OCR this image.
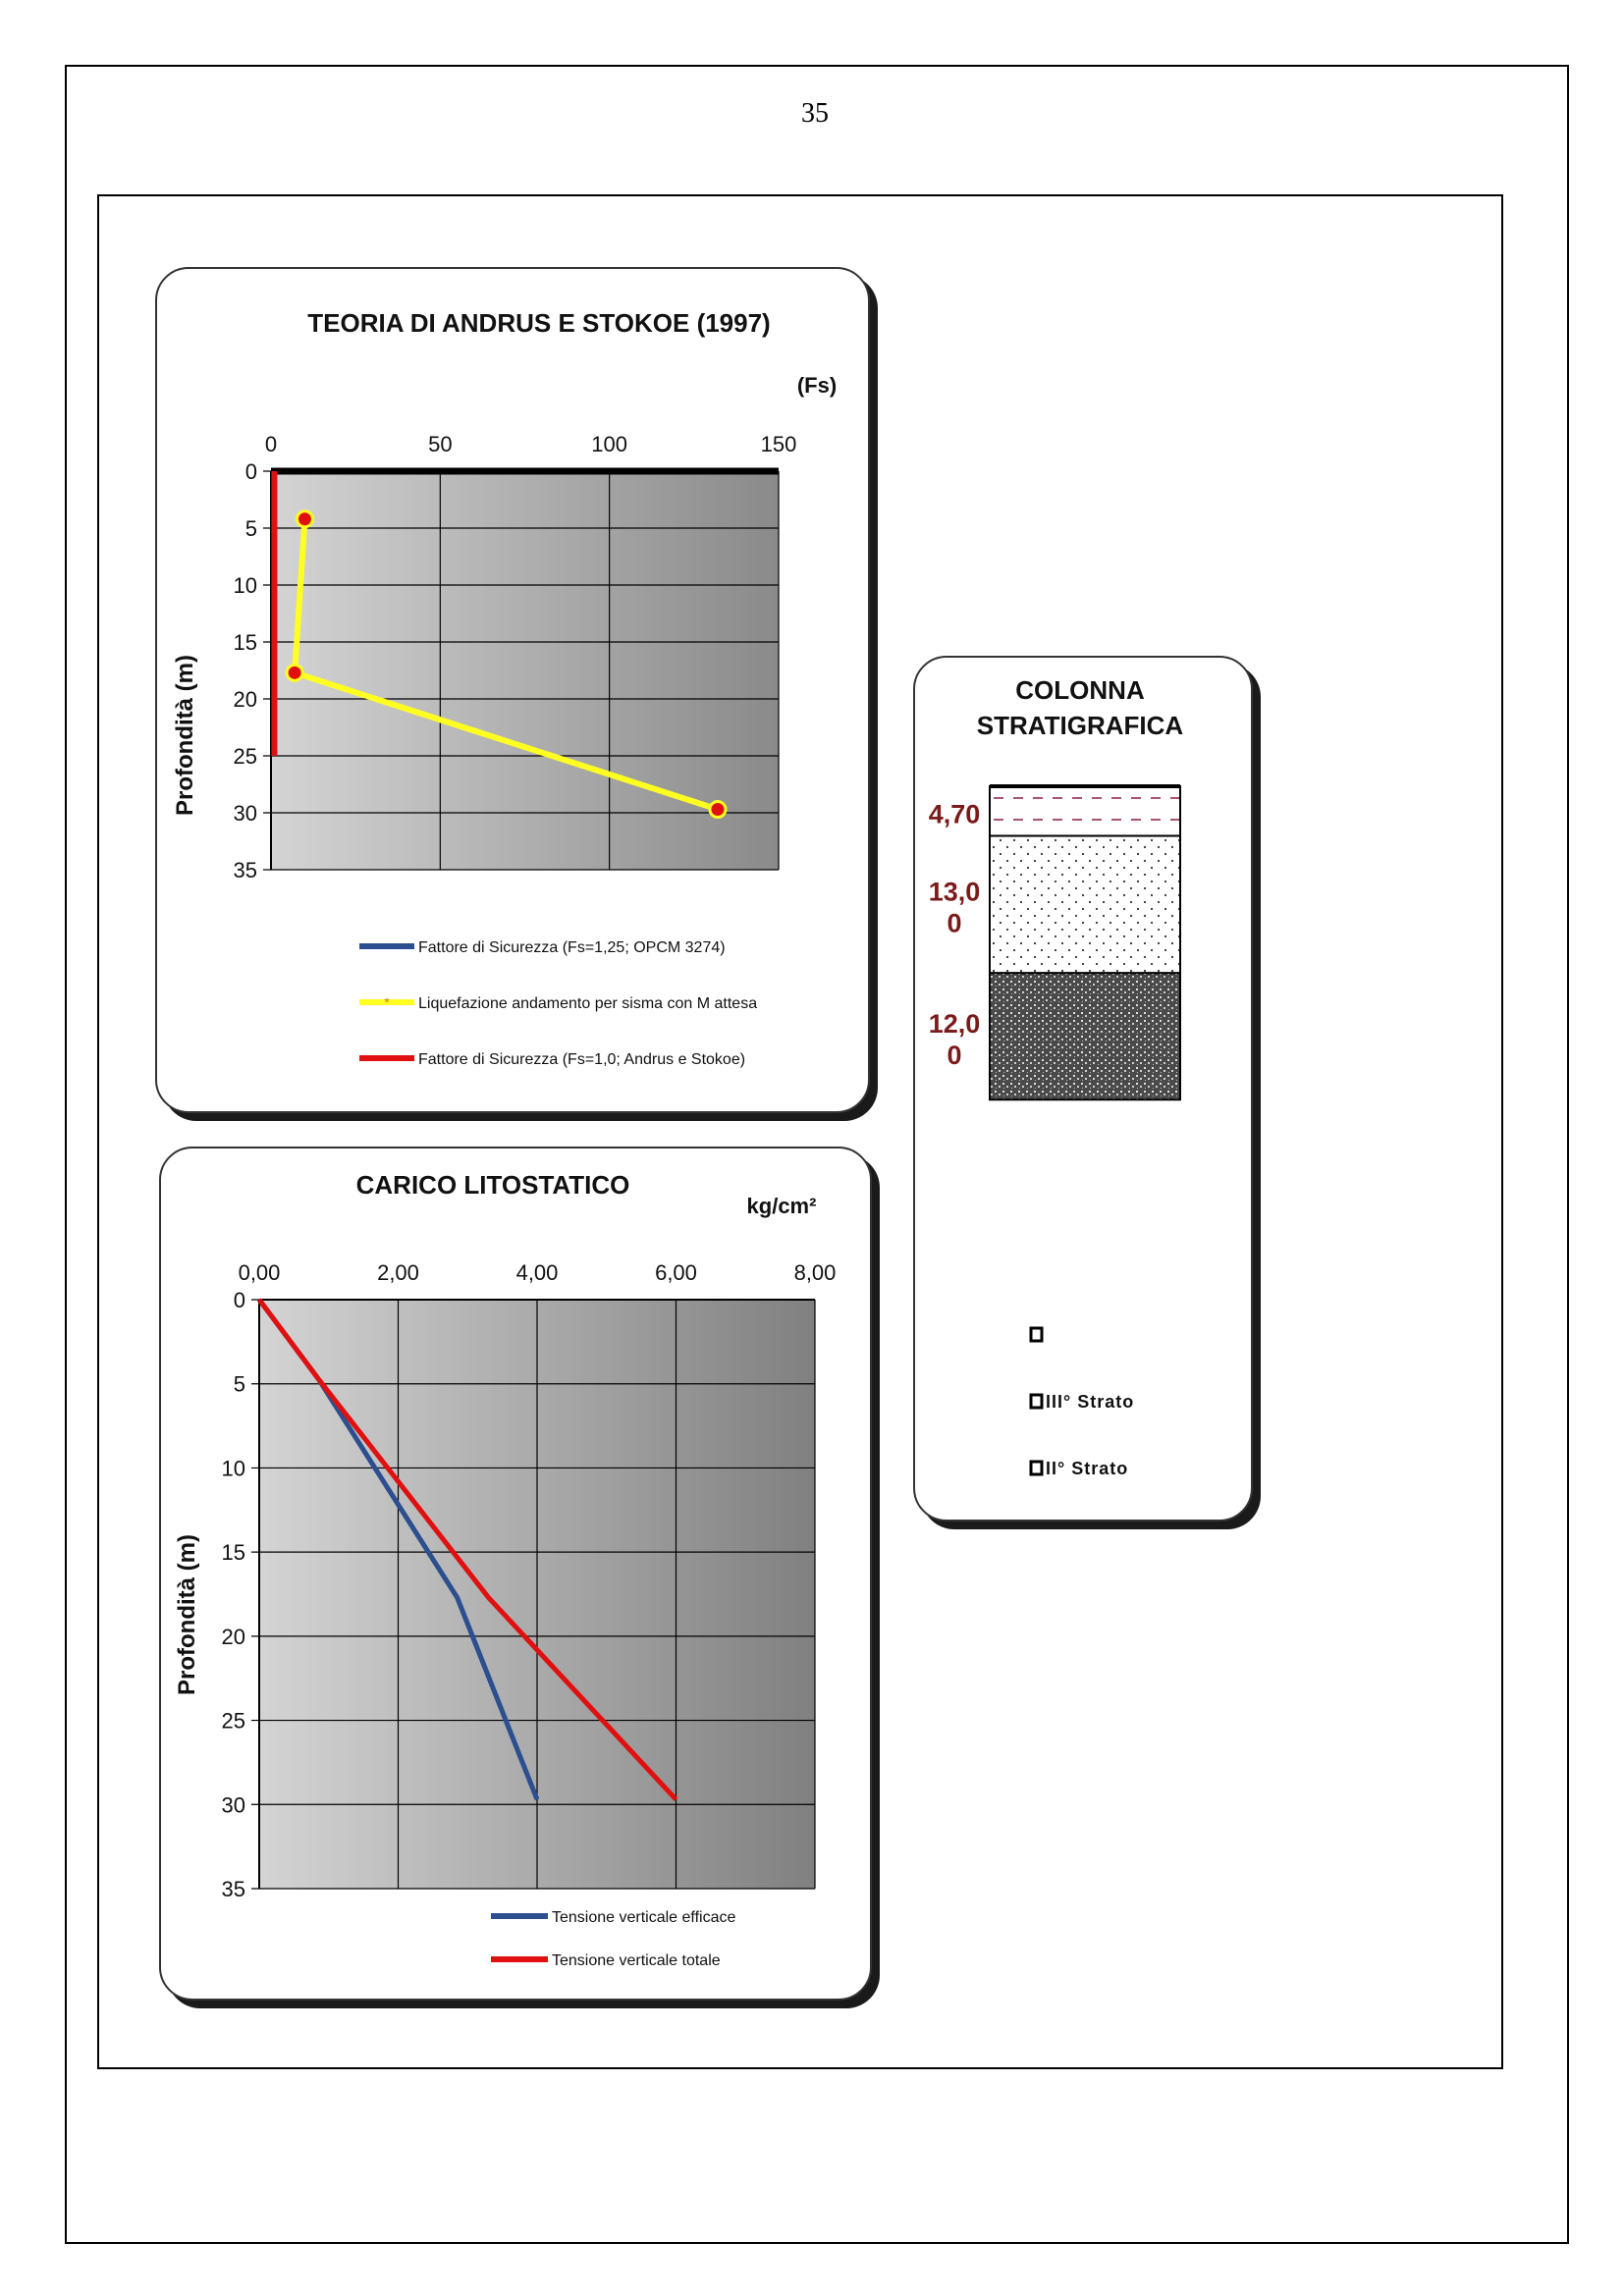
35
TEORIA DI ANDRUS E STOKOE (1997)
(Fs)
0	50	100	150
0
5
10
15
20
25
30
35
Profondità (m)
Fattore di Sicurezza (Fs=1,25; OPCM 3274)
* Liquefazione andamento per sisma con M attesa
Fattore di Sicurezza (Fs=1,0; Andrus e Stokoe)
CARICO LITOSTATICO
kg/cm²
0,00	2,00	4,00	6,00	8,00
0
5
10
15
20
25
30
35
Profondità (m)
Tensione verticale efficace
Tensione verticale totale
COLONNA
STRATIGRAFICA
4,70
13,0
0
12,0
0
III° Strato
II° Strato
